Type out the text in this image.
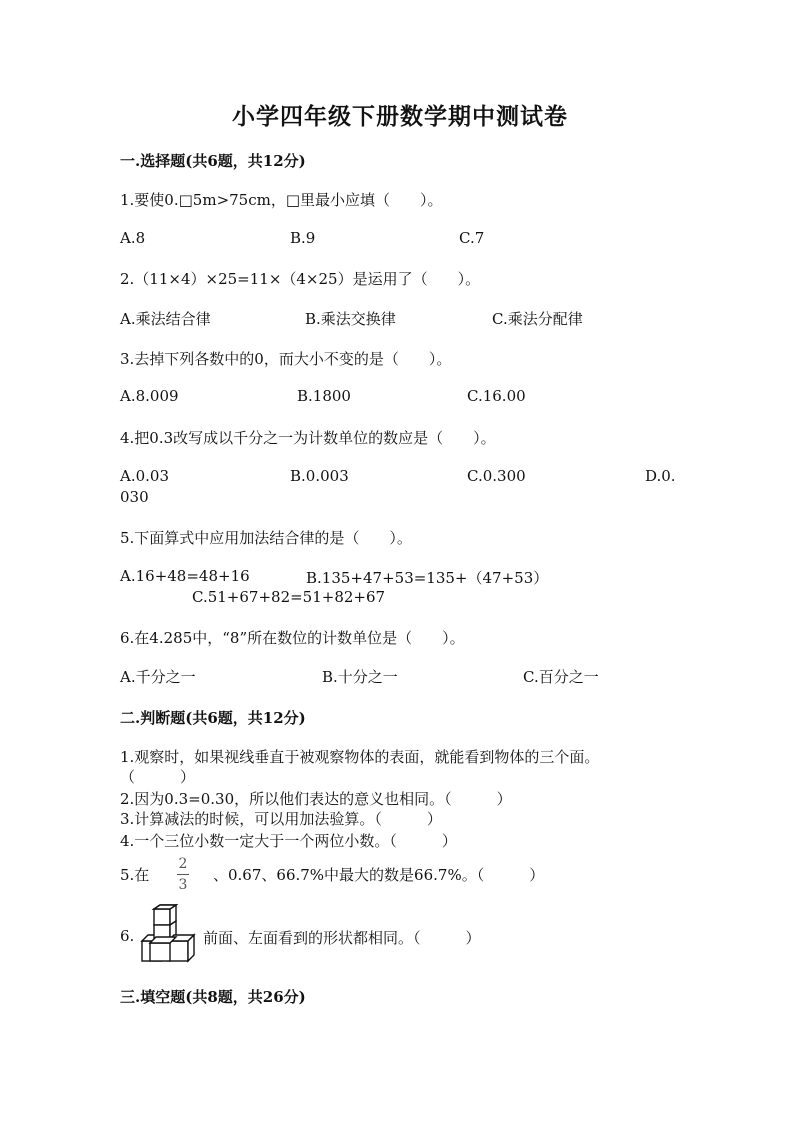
小学四年级下册数学期中测试卷
一.选择题(共6题，共12分)
1.要使0.□5m>75cm，□里最小应填（　　）。
A.8	B.9	C.7
2.（11×4）×25=11×（4×25）是运用了（　　）。
A.乘法结合律	B.乘法交换律	C.乘法分配律
3.去掉下列各数中的0，而大小不变的是（　　）。
A.8.009	B.1800	C.16.00
4.把0.3改写成以千分之一为计数单位的数应是（　　）。
A.0.03	B.0.003	C.0.300	D.0.
030
5.下面算式中应用加法结合律的是（　　）。
A.16+48=48+16	B.135+47+53=135+（47+53）
C.51+67+82=51+82+67
6.在4.285中，“8”所在数位的计数单位是（　　）。
A.千分之一	B.十分之一	C.百分之一
二.判断题(共6题，共12分)
1.观察时，如果视线垂直于被观察物体的表面，就能看到物体的三个面。
（　　　）
2.因为0.3=0.30，所以他们表达的意义也相同。（　　　）
3.计算减法的时候，可以用加法验算。（　　　）
4.一个三位小数一定大于一个两位小数。（　　　）
5.在
2
3
、0.67、66.7%中最大的数是66.7%。（　　　）
6.	前面、左面看到的形状都相同。（　　　）
三.填空题(共8题，共26分)
